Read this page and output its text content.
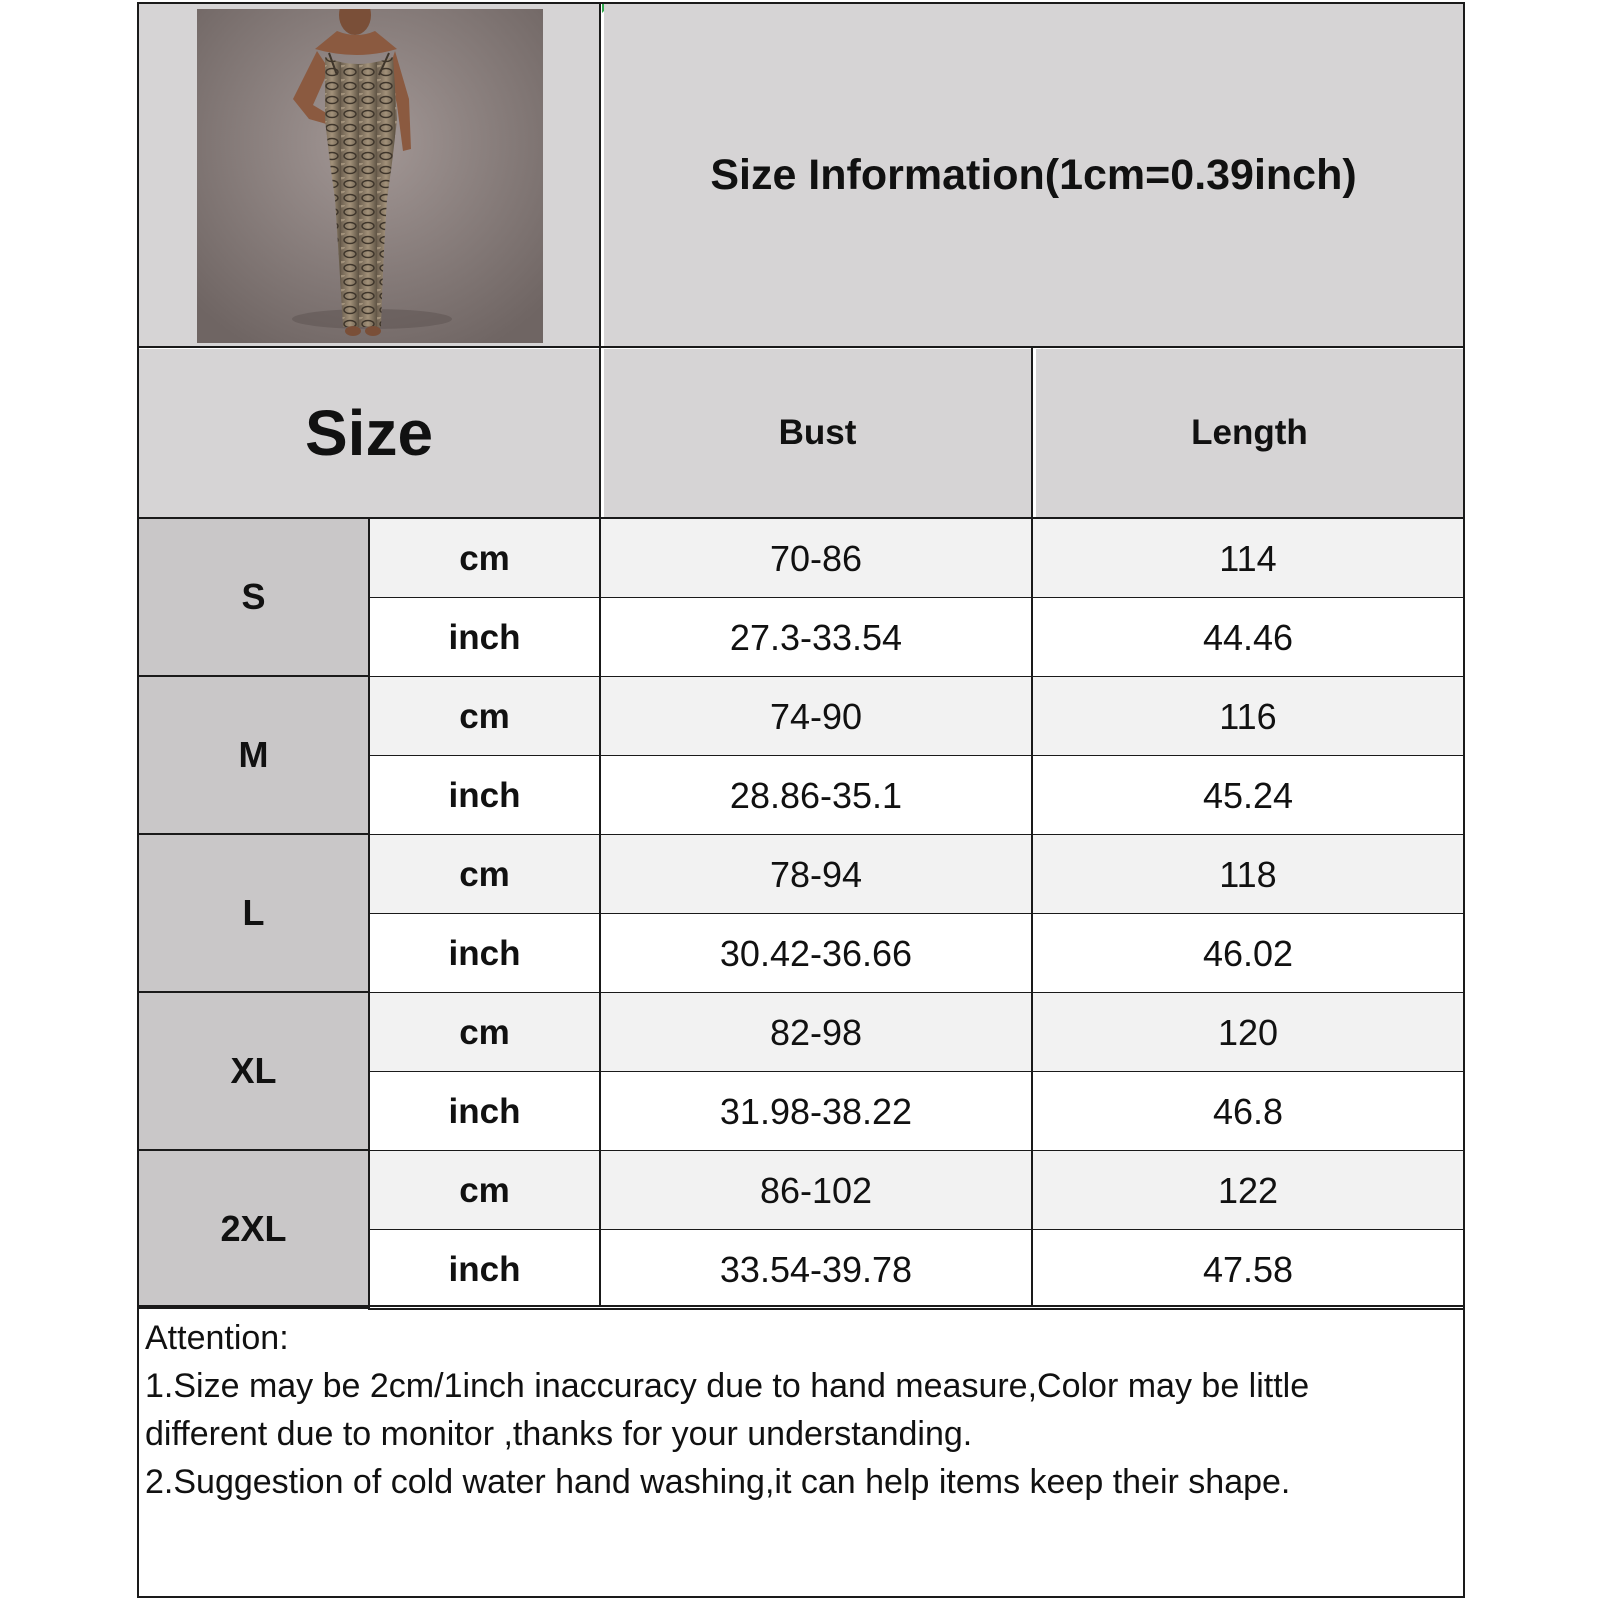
Size Information(1cm=0.39inch)
Size	Bust	Length
S
cm	70-86	114
inch	27.3-33.54	44.46
M
cm	74-90	116
inch	28.86-35.1	45.24
L
cm	78-94	118
inch	30.42-36.66	46.02
XL
cm	82-98	120
inch	31.98-38.22	46.8
2XL
cm	86-102	122
inch	33.54-39.78	47.58
Attention:
1.Size may be 2cm/1inch inaccuracy due to hand measure,Color may be little
different due to monitor ,thanks for your understanding.
2.Suggestion of cold water hand washing,it can help items keep their shape.
